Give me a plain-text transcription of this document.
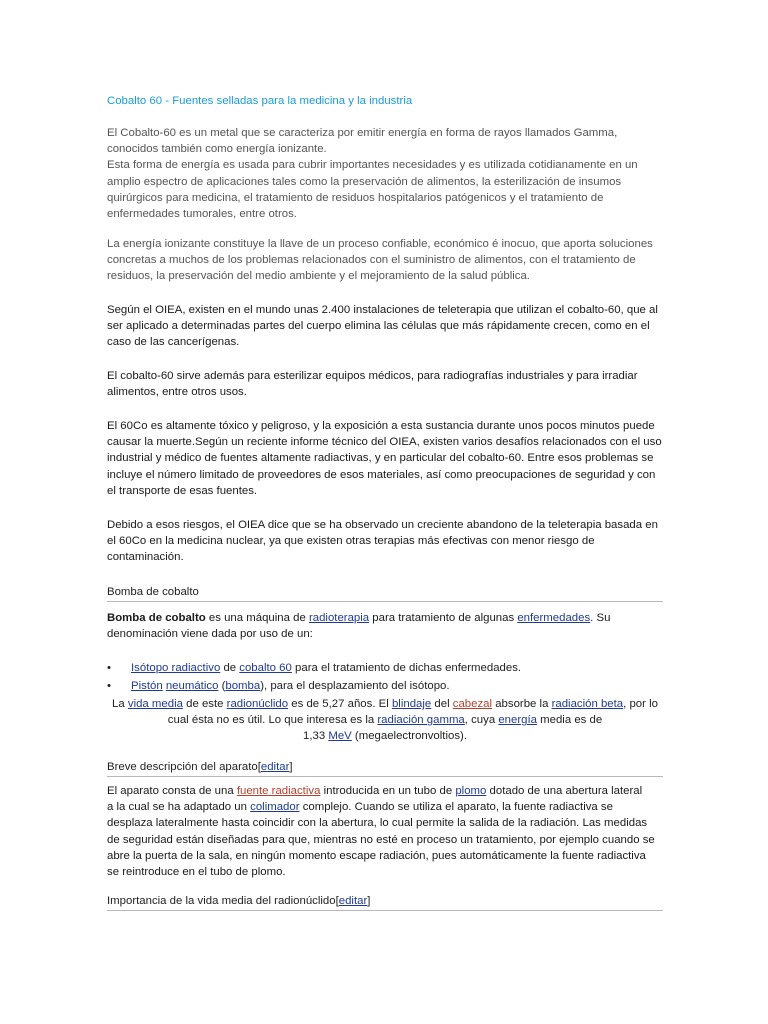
Cobalto 60 - Fuentes selladas para la medicina y la industria
El Cobalto-60 es un metal que se caracteriza por emitir energía en forma de rayos llamados Gamma,
conocidos también como energía ionizante.
Esta forma de energía es usada para cubrir importantes necesidades y es utilizada cotidianamente en un
amplio espectro de aplicaciones tales como la preservación de alimentos, la esterilización de insumos
quirúrgicos para medicina, el tratamiento de residuos hospitalarios patógenicos y el tratamiento de
enfermedades tumorales, entre otros.
La energía ionizante constituye la llave de un proceso confiable, económico é inocuo, que aporta soluciones
concretas a muchos de los problemas relacionados con el suministro de alimentos, con el tratamiento de
residuos, la preservación del medio ambiente y el mejoramiento de la salud pública.
Según el OIEA, existen en el mundo unas 2.400 instalaciones de teleterapia que utilizan el cobalto-60, que al
ser aplicado a determinadas partes del cuerpo elimina las células que más rápidamente crecen, como en el
caso de las cancerígenas.
El cobalto-60 sirve además para esterilizar equipos médicos, para radiografías industriales y para irradiar
alimentos, entre otros usos.
El 60Co es altamente tóxico y peligroso, y la exposición a esta sustancia durante unos pocos minutos puede
causar la muerte.Según un reciente informe técnico del OIEA, existen varios desafíos relacionados con el uso
industrial y médico de fuentes altamente radiactivas, y en particular del cobalto-60. Entre esos problemas se
incluye el número limitado de proveedores de esos materiales, así como preocupaciones de seguridad y con
el transporte de esas fuentes.
Debido a esos riesgos, el OIEA dice que se ha observado un creciente abandono de la teleterapia basada en
el 60Co en la medicina nuclear, ya que existen otras terapias más efectivas con menor riesgo de
contaminación.
Bomba de cobalto
Bomba de cobalto es una máquina de radioterapia para tratamiento de algunas enfermedades. Su
denominación viene dada por uso de un:
• Isótopo radiactivo de cobalto 60 para el tratamiento de dichas enfermedades.
• Pistón neumático (bomba), para el desplazamiento del isótopo.
La vida media de este radionúclido es de 5,27 años. El blindaje del cabezal absorbe la radiación beta, por lo
cual ésta no es útil. Lo que interesa es la radiación gamma, cuya energía media es de
1,33 MeV (megaelectronvoltios).
Breve descripción del aparato[editar]
El aparato consta de una fuente radiactiva introducida en un tubo de plomo dotado de una abertura lateral
a la cual se ha adaptado un colimador complejo. Cuando se utiliza el aparato, la fuente radiactiva se
desplaza lateralmente hasta coincidir con la abertura, lo cual permite la salida de la radiación. Las medidas
de seguridad están diseñadas para que, mientras no esté en proceso un tratamiento, por ejemplo cuando se
abre la puerta de la sala, en ningún momento escape radiación, pues automáticamente la fuente radiactiva
se reintroduce en el tubo de plomo.
Importancia de la vida media del radionúclido[editar]
